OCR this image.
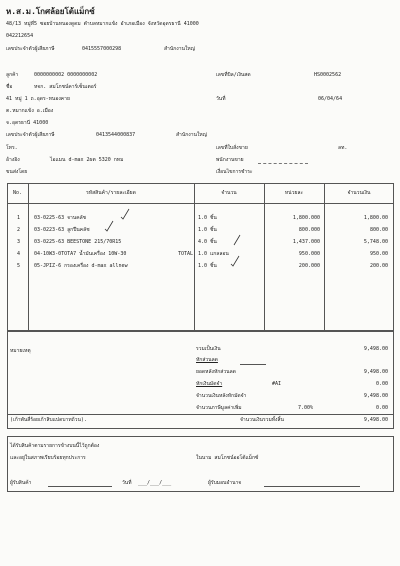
ห.ส.ม.โกศล้อยโต้แม็กซ์
48/13 หมู่ที่5 ซอยบ้านหนองดูดม ตำบลหมากแข้ง อำเภอเมือง จังหวัดอุดรธานี 41000
042212654
เลขประจำตัวผู้เสียภาษี	0415557000298	สำนักงานใหญ่
ลูกค้า	0000000002 0000000002	เลขที่บิล/เงินสด	HS0002562
ชื่อ	หจก. สมโภชน์คาร์เซ็นเตอร์
41 หมู่ 1 ถ.อุดร-หนองคาย	วันที่	06/04/64
ต.หมากแข้ง อ.เมือง
จ.อุดรธานี 41000
เลขประจำตัวผู้เสียภาษี	0413544000837	สำนักงานใหญ่
โทร.	เลขที่ใบสั่งขาย	ลท.
อ้างอิง	ไอแมน d-max 2ผต 5320 กทม	พนักงานขาย
ขนส่งโดย	เงื่อนไขการชำระ
No.	รหัสสินค้า/รายละเอียด	จำนวน	หน่วยละ	จำนวนเงิน
1	03-0225-63 จานคลัช	1.0 ชิ้น	1,800.000	1,800.00
2	03-0223-63 ลูกปืนคลัช	1.0 ชิ้น	800.000	800.00
3	03-0225-63 BEESTONE 215/70R15	4.0 ชิ้น	1,437.000	5,748.00
4	04-10W3-0TOTA7 น้ำมันเครื่อง 10W-30	TOTAL 1.0 แกลลอน	950.000	950.00
5	05-JPIZ-6 กรองเครื่อง d-max allnew	1.0 ชิ้น	200.000	200.00
หมายเหตุ	รวมเป็นเงิน	9,498.00
หักส่วนลด
ยอดหลังหักส่วนลด	9,498.00
หักเงินมัดจำ	#AI	0.00
จำนวนเงินหลังหักมัดจำ	9,498.00
จำนวนภาษีมูลค่าเพิ่ม	7.00%	0.00
(เก้าพันสี่ร้อยเก้าสิบแปดบาทถ้วน).	จำนวนเงินรวมทั้งสิ้น	9,498.00
ได้รับสินค้าตามรายการข้างบนนี้ไว้ถูกต้อง
และอยู่ในสภาพเรียบร้อยทุกประการ	ในนาม สมโภชน์ออโต้แม็กซ์
ผู้รับสินค้า	วันที่ ___/___/___	ผู้รับมอบอำนาจ
